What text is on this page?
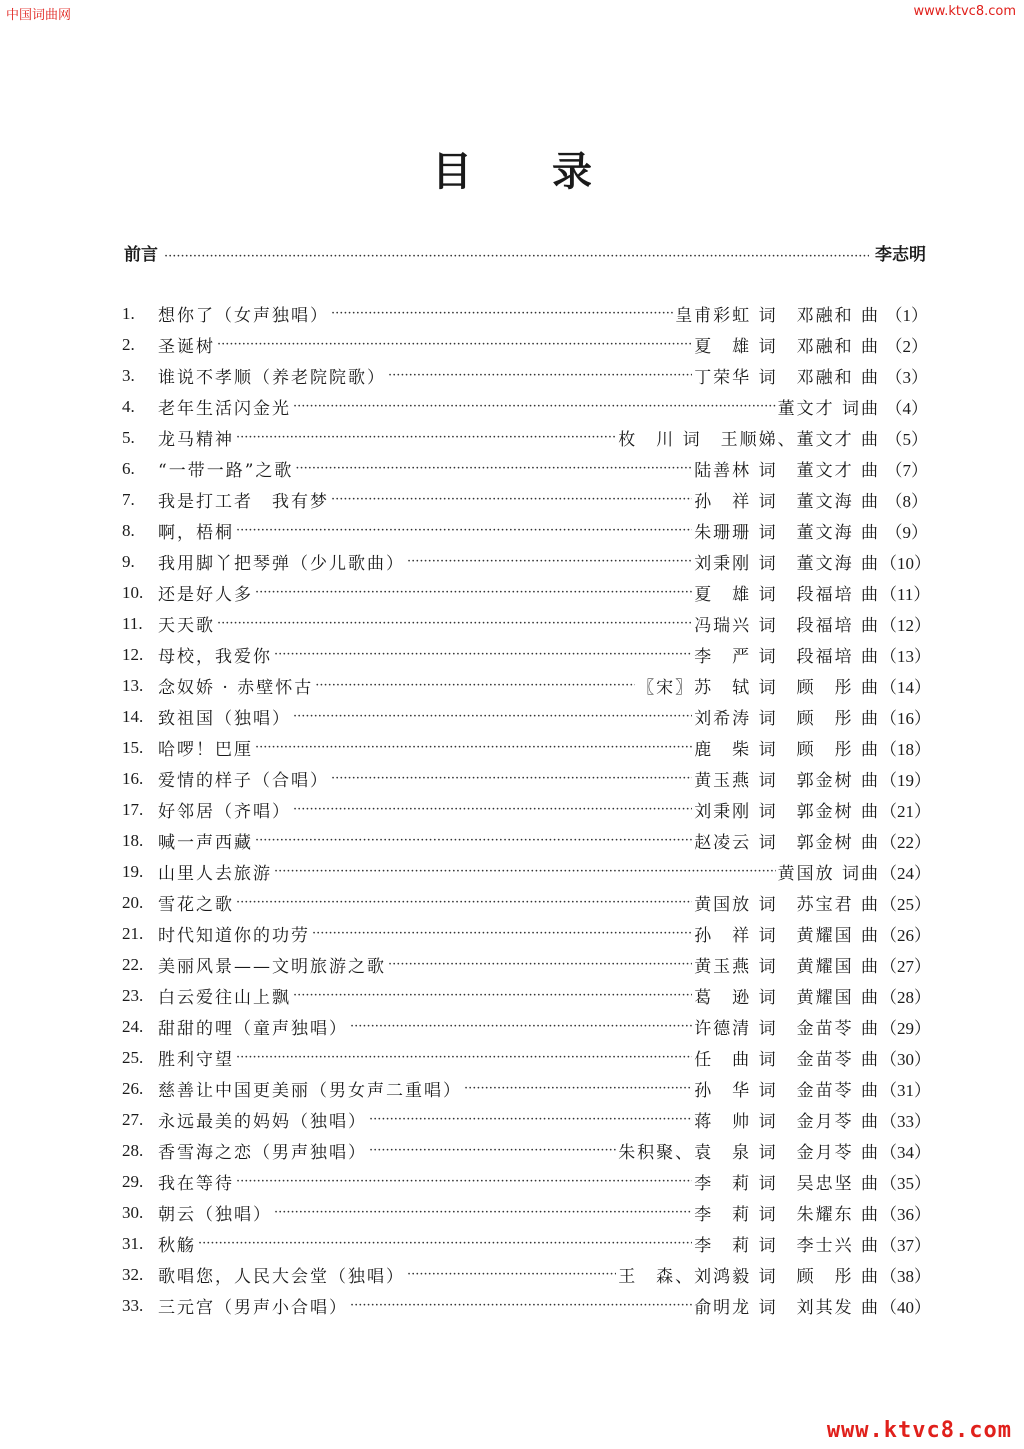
中国词曲网	www.ktvc8.com
目录
前言 ·····	李志明
1.	想你了（女声独唱） ·····	皇甫彩虹 词　邓融和 曲 （1）
2.	圣诞树 ·····	夏　雄 词　邓融和 曲 （2）
3.	谁说不孝顺（养老院院歌） ·····	丁荣华 词　邓融和 曲 （3）
4.	老年生活闪金光 ·····	董文才 词曲 （4）
5.	龙马精神 ·····	枚　川 词　王顺娣、董文才 曲 （5）
6.	“一带一路”之歌 ·····	陆善林 词　董文才 曲 （7）
7.	我是打工者　我有梦 ·····	孙　祥 词　董文海 曲 （8）
8.	啊，梧桐 ·····	朱珊珊 词　董文海 曲 （9）
9.	我用脚丫把琴弹（少儿歌曲） ·····	刘秉刚 词　董文海 曲 （10）
10. 还是好人多 ·····	夏　雄 词　段福培 曲 （11）
11. 天天歌 ·····	冯瑞兴 词　段福培 曲 （12）
12. 母校，我爱你 ·····	李　严 词　段福培 曲 （13）
13. 念奴娇 · 赤壁怀古 ·····	〖宋〗苏　轼 词　顾　彤 曲 （14）
14. 致祖国（独唱） ·····	刘希涛 词　顾　彤 曲 （16）
15. 哈啰！巴厘 ·····	鹿　柴 词　顾　彤 曲 （18）
16. 爱情的样子（合唱） ·····	黄玉燕 词　郭金树 曲 （19）
17. 好邻居（齐唱） ·····	刘秉刚 词　郭金树 曲 （21）
18. 喊一声西藏 ·····	赵凌云 词　郭金树 曲 （22）
19. 山里人去旅游 ·····	黄国放 词曲 （24）
20. 雪花之歌 ·····	黄国放 词　苏宝君 曲 （25）
21. 时代知道你的功劳 ·····	孙　祥 词　黄耀国 曲 （26）
22. 美丽风景——文明旅游之歌 ·····	黄玉燕 词　黄耀国 曲 （27）
23. 白云爱往山上飘 ·····	葛　逊 词　黄耀国 曲 （28）
24. 甜甜的哩（童声独唱） ·····	许德清 词　金苗苓 曲 （29）
25. 胜利守望 ·····	任　曲 词　金苗苓 曲 （30）
26. 慈善让中国更美丽（男女声二重唱） ·····	孙　华 词　金苗苓 曲 （31）
27. 永远最美的妈妈（独唱） ·····	蒋　帅 词　金月苓 曲 （33）
28. 香雪海之恋（男声独唱） ·····	朱积聚、袁　泉 词　金月苓 曲 （34）
29. 我在等待 ·····	李　莉 词　吴忠坚 曲 （35）
30. 朝云（独唱） ·····	李　莉 词　朱耀东 曲 （36）
31. 秋觞 ·····	李　莉 词　李士兴 曲 （37）
32. 歌唱您，人民大会堂（独唱） ·····	王　森、刘鸿毅 词　顾　彤 曲 （38）
33. 三元宫（男声小合唱） ·····	俞明龙 词　刘其发 曲 （40）
www.ktvc8.com
